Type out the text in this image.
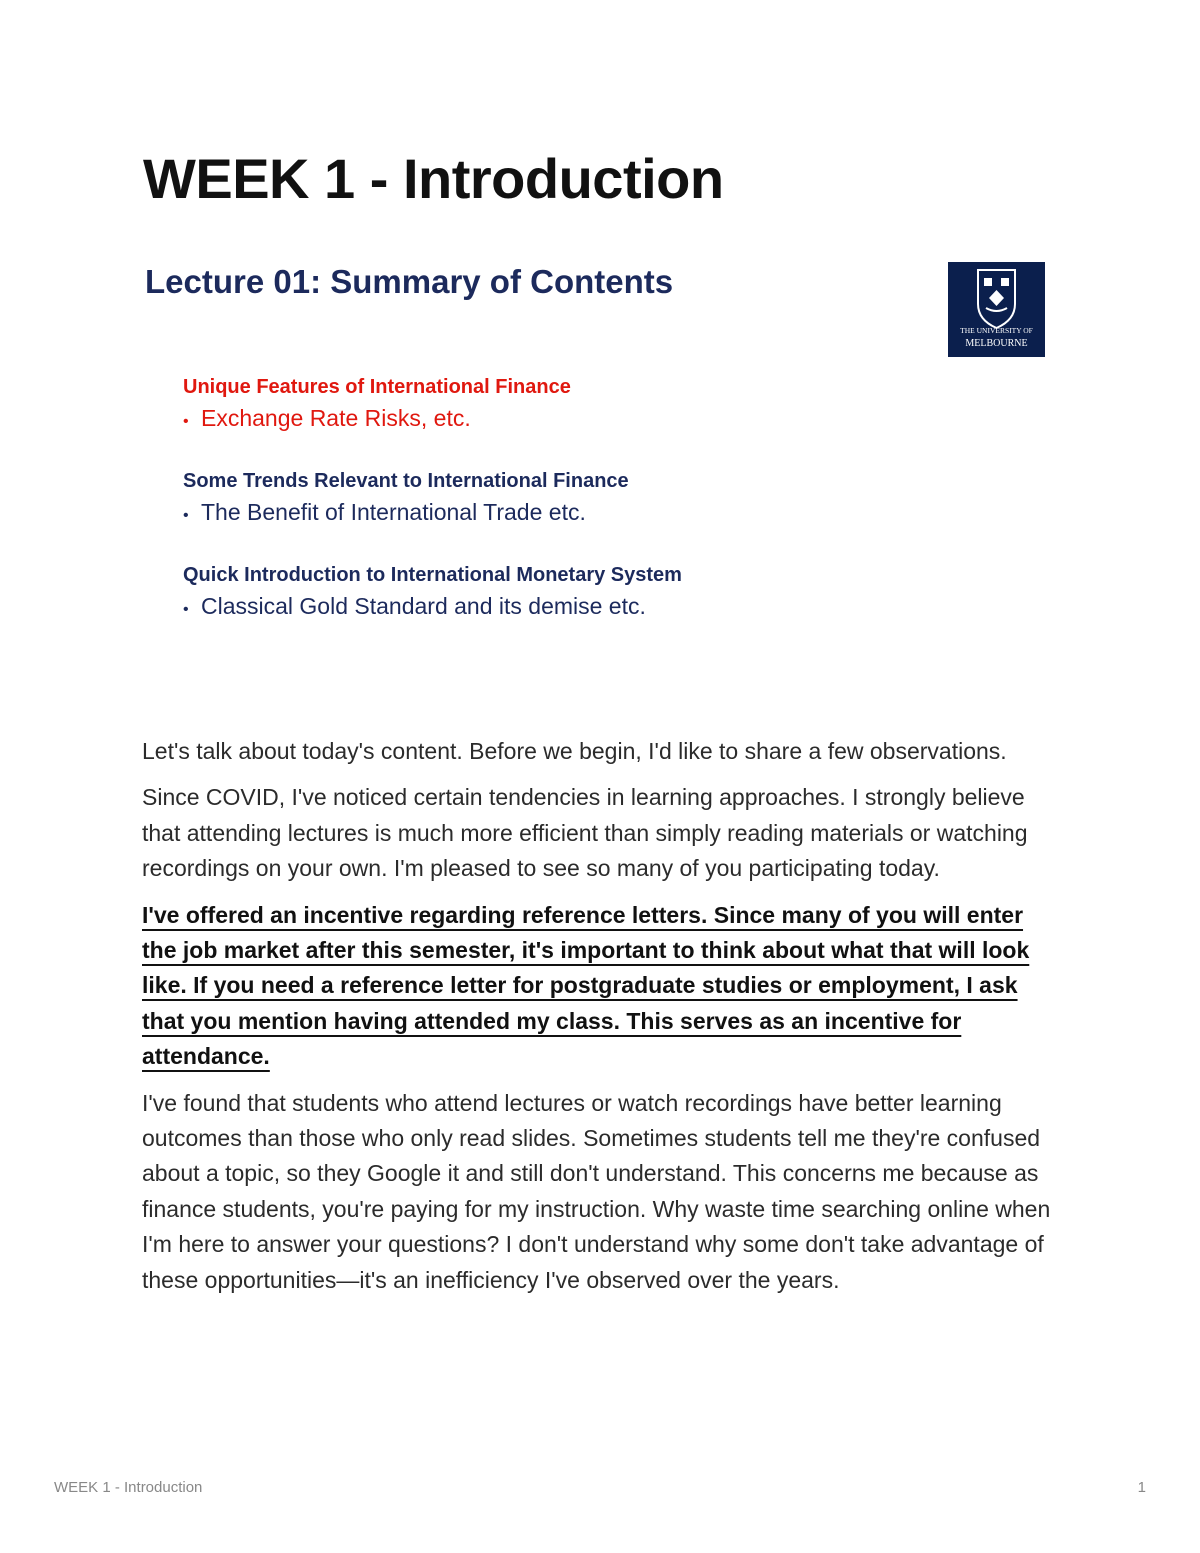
WEEK 1 - Introduction
Lecture 01: Summary of Contents
THE UNIVERSITY OF
MELBOURNE
Unique Features of International Finance
• Exchange Rate Risks, etc.
Some Trends Relevant to International Finance
• The Benefit of International Trade etc.
Quick Introduction to International Monetary System
• Classical Gold Standard and its demise etc.

Let's talk about today's content. Before we begin, I'd like to share a few observations.

Since COVID, I've noticed certain tendencies in learning approaches. I strongly believe that attending lectures is much more efficient than simply reading materials or watching recordings on your own. I'm pleased to see so many of you participating today.

I've offered an incentive regarding reference letters. Since many of you will enter the job market after this semester, it's important to think about what that will look like. If you need a reference letter for postgraduate studies or employment, I ask that you mention having attended my class. This serves as an incentive for attendance.

I've found that students who attend lectures or watch recordings have better learning outcomes than those who only read slides. Sometimes students tell me they're confused about a topic, so they Google it and still don't understand. This concerns me because as finance students, you're paying for my instruction. Why waste time searching online when I'm here to answer your questions? I don't understand why some don't take advantage of these opportunities—it's an inefficiency I've observed over the years.

WEEK 1 - Introduction	1
